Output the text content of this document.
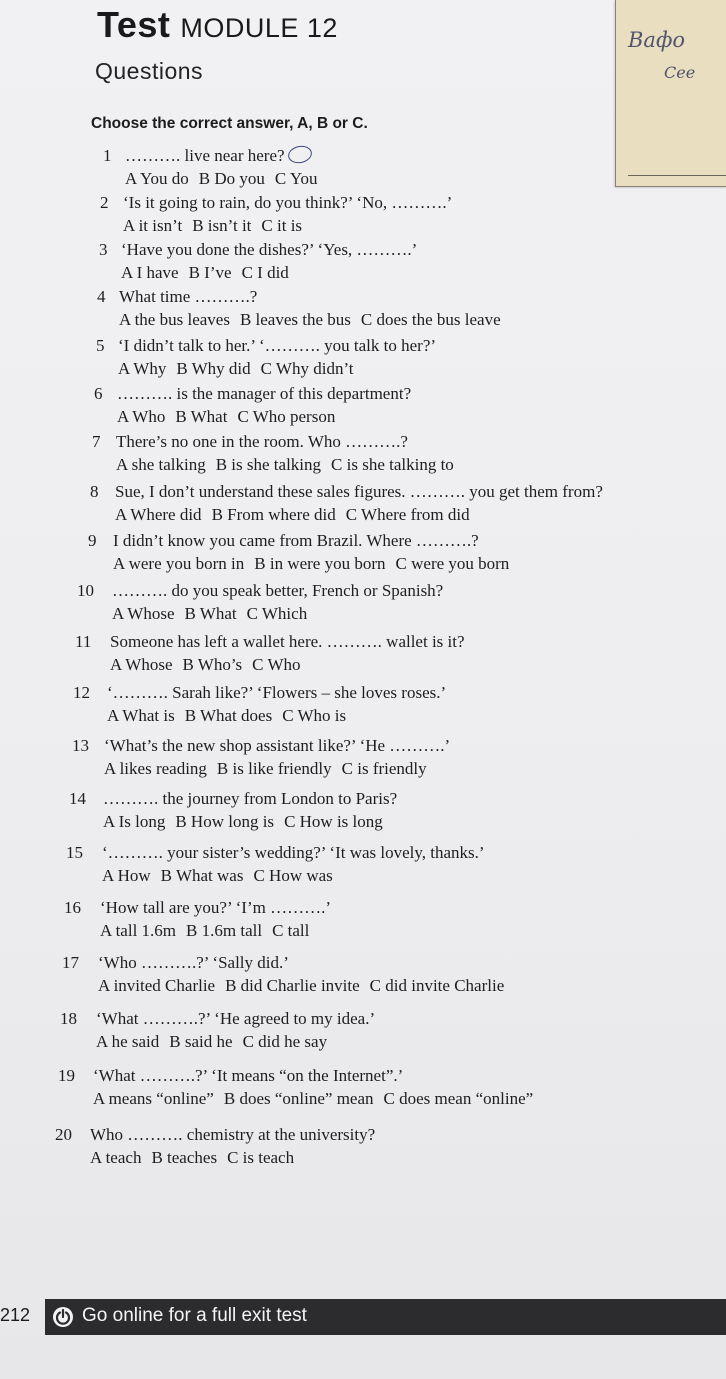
Test MODULE 12
Questions
Choose the correct answer, A, B or C.
Вафо
Сее
1 ………. live near here?
A You do B Do you C You
2 ‘Is it going to rain, do you think?’ ‘No, ……….’
A it isn’t B isn’t it C it is
3 ‘Have you done the dishes?’ ‘Yes, ……….’
A I have B I’ve C I did
4 What time ……….?
A the bus leaves B leaves the bus C does the bus leave
5 ‘I didn’t talk to her.’ ‘………. you talk to her?’
A Why B Why did C Why didn’t
6 ………. is the manager of this department?
A Who B What C Who person
7 There’s no one in the room. Who ……….?
A she talking B is she talking C is she talking to
8 Sue, I don’t understand these sales figures. ………. you get them from?
A Where did B From where did C Where from did
9 I didn’t know you came from Brazil. Where ……….?
A were you born in B in were you born C were you born
10 ………. do you speak better, French or Spanish?
A Whose B What C Which
11 Someone has left a wallet here. ………. wallet is it?
A Whose B Who’s C Who
12 ‘………. Sarah like?’ ‘Flowers – she loves roses.’
A What is B What does C Who is
13 ‘What’s the new shop assistant like?’ ‘He ……….’
A likes reading B is like friendly C is friendly
14 ………. the journey from London to Paris?
A Is long B How long is C How is long
15 ‘………. your sister’s wedding?’ ‘It was lovely, thanks.’
A How B What was C How was
16 ‘How tall are you?’ ‘I’m ……….’
A tall 1.6m B 1.6m tall C tall
17 ‘Who ……….?’ ‘Sally did.’
A invited Charlie B did Charlie invite C did invite Charlie
18 ‘What ……….?’ ‘He agreed to my idea.’
A he said B said he C did he say
19 ‘What ……….?’ ‘It means “on the Internet”.’
A means “online” B does “online” mean C does mean “online”
20 Who ………. chemistry at the university?
A teach B teaches C is teach
212	Go online for a full exit test
